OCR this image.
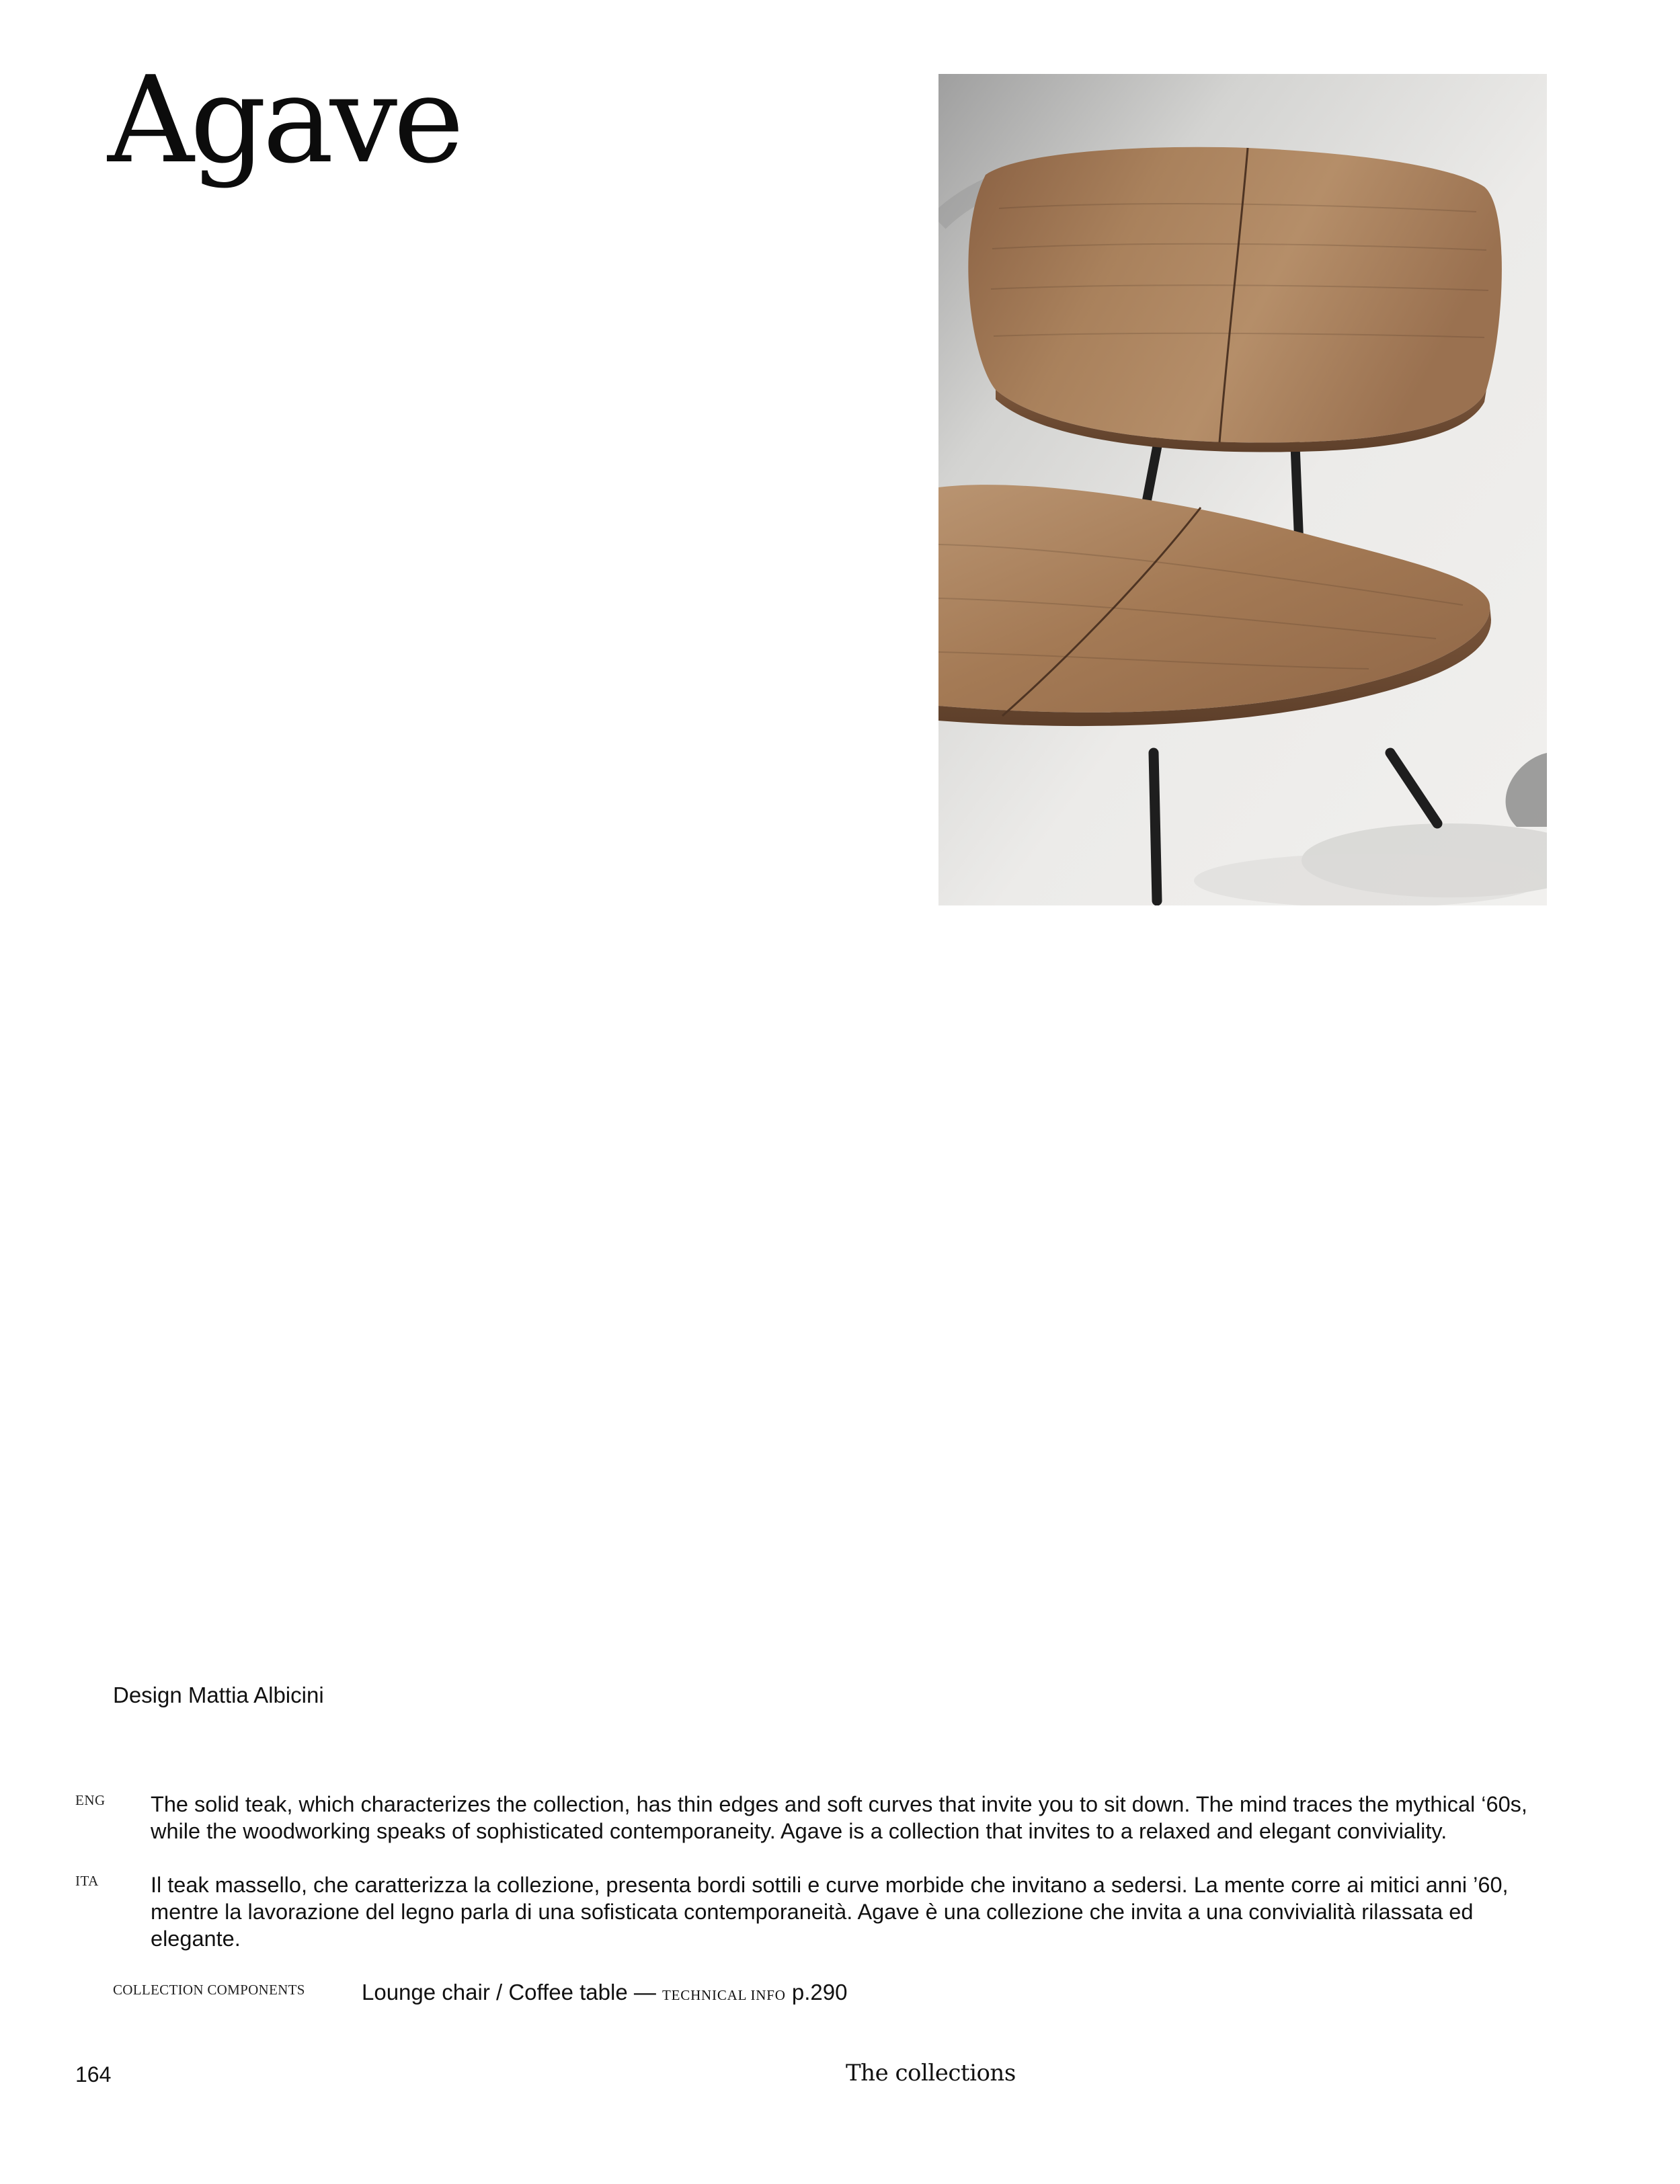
Agave
Design Mattia Albicini
ENG The solid teak, which characterizes the collection, has thin edges and soft curves that invite you to sit down. The mind traces the mythical ‘60s, while the woodworking speaks of sophisticated contemporaneity. Agave is a collection that invites to a relaxed and elegant conviviality.

ITA Il teak massello, che caratterizza la collezione, presenta bordi sottili e curve morbide che invitano a sedersi. La mente corre ai mitici anni ’60, mentre la lavorazione del legno parla di una sofisticata contemporaneità. Agave è una collezione che invita a una convivialità rilassata ed elegante.

COLLECTION COMPONENTS	Lounge chair / Coffee table — TECHNICAL INFO p.290
164	The collections
